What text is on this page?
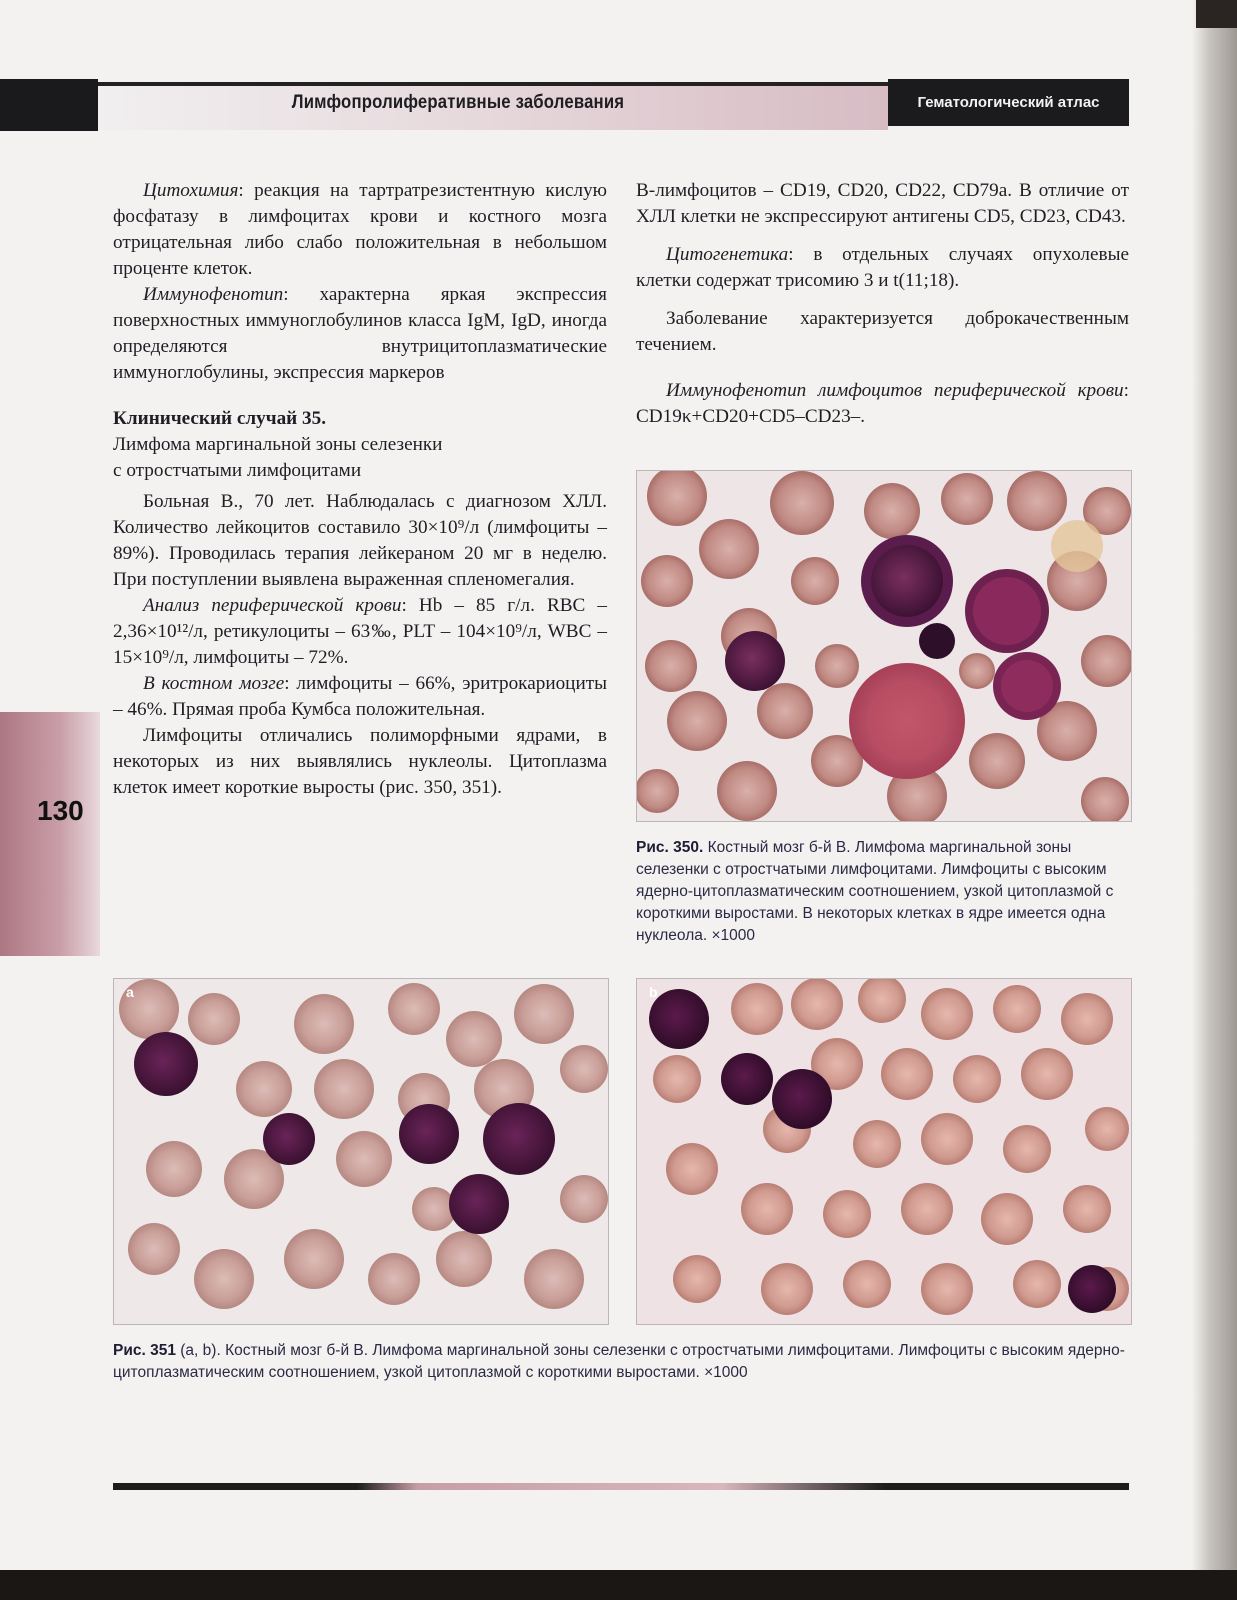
Лимфопролиферативные заболевания	Гематологический атлас
130

Цитохимия: реакция на тартратрезистентную кислую фосфатазу в лимфоцитах крови и костного мозга отрицательная либо слабо положительная в небольшом проценте клеток.

Иммунофенотип: характерна яркая экспрессия поверхностных иммуноглобулинов класса IgM, IgD, иногда определяются внутрицитоплазматические иммуноглобулины, экспрессия маркеров

Клинический случай 35.

Лимфома маргинальной зоны селезенки

с отростчатыми лимфоцитами

Больная В., 70 лет. Наблюдалась с диагнозом ХЛЛ. Количество лейкоцитов составило 30×10⁹/л (лимфоциты – 89%). Проводилась терапия лейкераном 20 мг в неделю. При поступлении выявлена выраженная спленомегалия.

Анализ периферической крови: Hb – 85 г/л. RBC – 2,36×10¹²/л, ретикулоциты – 63‰, PLT – 104×10⁹/л, WBC – 15×10⁹/л, лимфоциты – 72%.

В костном мозге: лимфоциты – 66%, эритрокариоциты – 46%. Прямая проба Кумбса положительная.

Лимфоциты отличались полиморфными ядрами, в некоторых из них выявлялись нуклеолы. Цитоплазма клеток имеет короткие выросты (рис. 350, 351).

В-лимфоцитов – CD19, CD20, CD22, CD79a. В отличие от ХЛЛ клетки не экспрессируют антигены CD5, CD23, CD43.

Цитогенетика: в отдельных случаях опухолевые клетки содержат трисомию 3 и t(11;18).

Заболевание характеризуется доброкачественным течением.

Иммунофенотип лимфоцитов периферической крови: CD19κ+CD20+CD5–CD23–.

Рис. 350. Костный мозг б-й В. Лимфома маргинальной зоны селезенки с отростчатыми лимфоцитами. Лимфоциты с высоким ядерно-цитоплазматическим соотношением, узкой цитоплазмой с короткими выростами. В некоторых клетках в ядре имеется одна нуклеола. ×1000
a	b
Рис. 351 (a, b). Костный мозг б-й В. Лимфома маргинальной зоны селезенки с отростчатыми лимфоцитами. Лимфоциты с высоким ядерно-цитоплазматическим соотношением, узкой цитоплазмой с короткими выростами. ×1000
